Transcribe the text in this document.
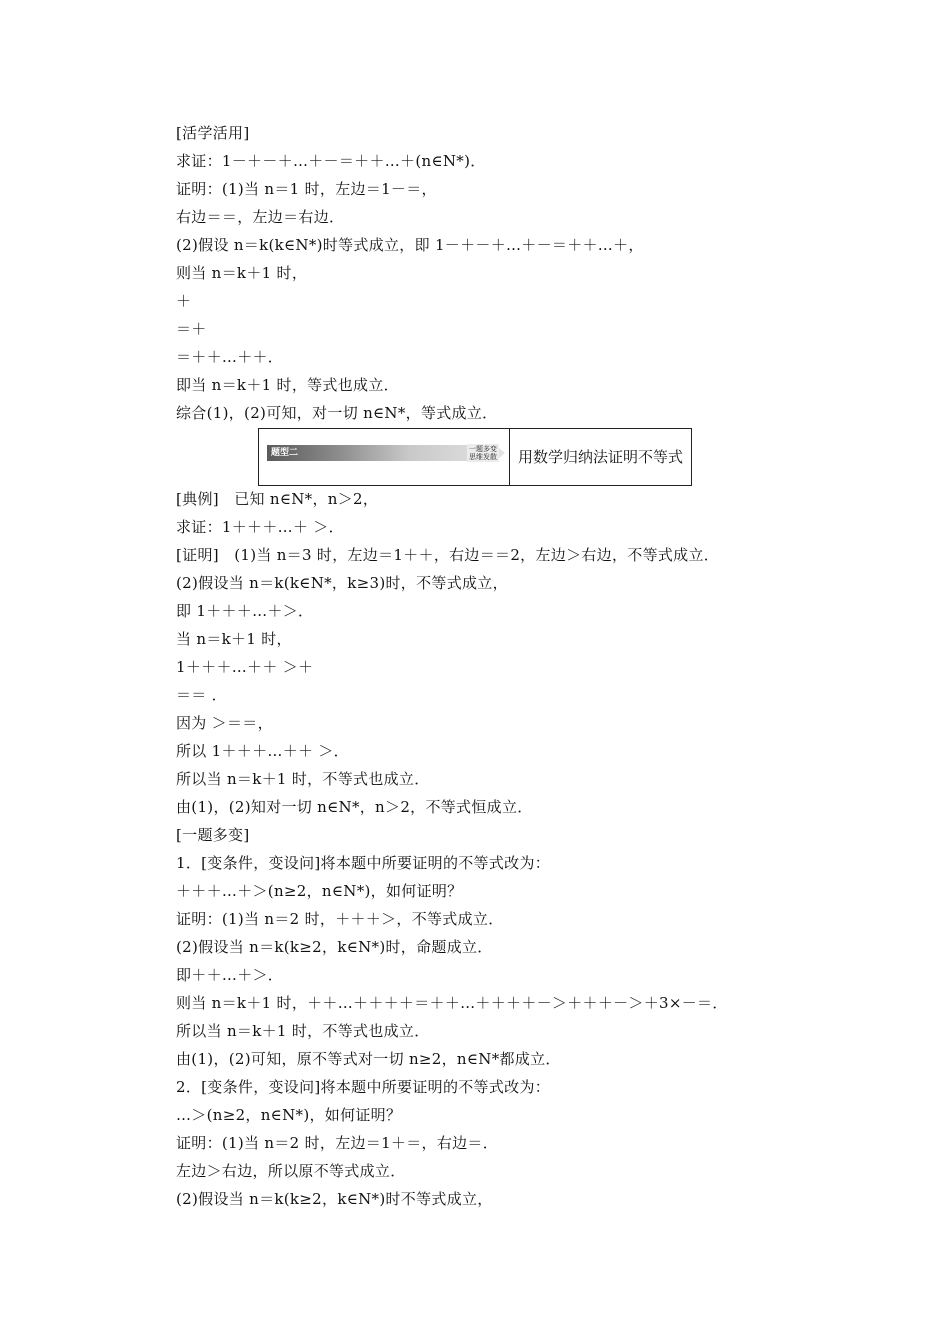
[活学活用]
求证：1－＋－＋…＋－＝＋＋…＋(n∈N*)．
证明：(1)当 n＝1 时，左边＝1－＝，
右边＝＝，左边＝右边．
(2)假设 n＝k(k∈N*)时等式成立，即 1－＋－＋…＋－＝＋＋…＋，
则当 n＝k＋1 时，
＋
＝＋
＝＋＋…＋＋．
即当 n＝k＋1 时，等式也成立．
综合(1)，(2)可知，对一切 n∈N*，等式成立．
题型二	一题多变
思维发散	用数学归纳法证明不等式
[典例]　已知 n∈N*，n＞2，
求证：1＋＋＋…＋ ＞．
[证明]　(1)当 n＝3 时，左边＝1＋＋，右边＝＝2，左边＞右边，不等式成立．
(2)假设当 n＝k(k∈N*，k≥3)时，不等式成立，
即 1＋＋＋…＋＞．
当 n＝k＋1 时，
1＋＋＋…＋＋ ＞＋
＝＝ ．
因为 ＞＝＝，
所以 1＋＋＋…＋＋ ＞．
所以当 n＝k＋1 时，不等式也成立．
由(1)，(2)知对一切 n∈N*，n＞2，不等式恒成立．
[一题多变]
1．[变条件，变设问]将本题中所要证明的不等式改为：
＋＋＋…＋＞(n≥2，n∈N*)，如何证明？
证明：(1)当 n＝2 时，＋＋＋＞，不等式成立．
(2)假设当 n＝k(k≥2，k∈N*)时，命题成立．
即＋＋…＋＞．
则当 n＝k＋1 时，＋＋…＋＋＋＋＝＋＋…＋＋＋＋－＞＋＋＋－＞＋3×－＝．
所以当 n＝k＋1 时，不等式也成立．
由(1)，(2)可知，原不等式对一切 n≥2，n∈N*都成立．
2．[变条件，变设问]将本题中所要证明的不等式改为：
…＞(n≥2，n∈N*)，如何证明？
证明：(1)当 n＝2 时，左边＝1＋＝，右边＝．
左边＞右边，所以原不等式成立．
(2)假设当 n＝k(k≥2，k∈N*)时不等式成立，
